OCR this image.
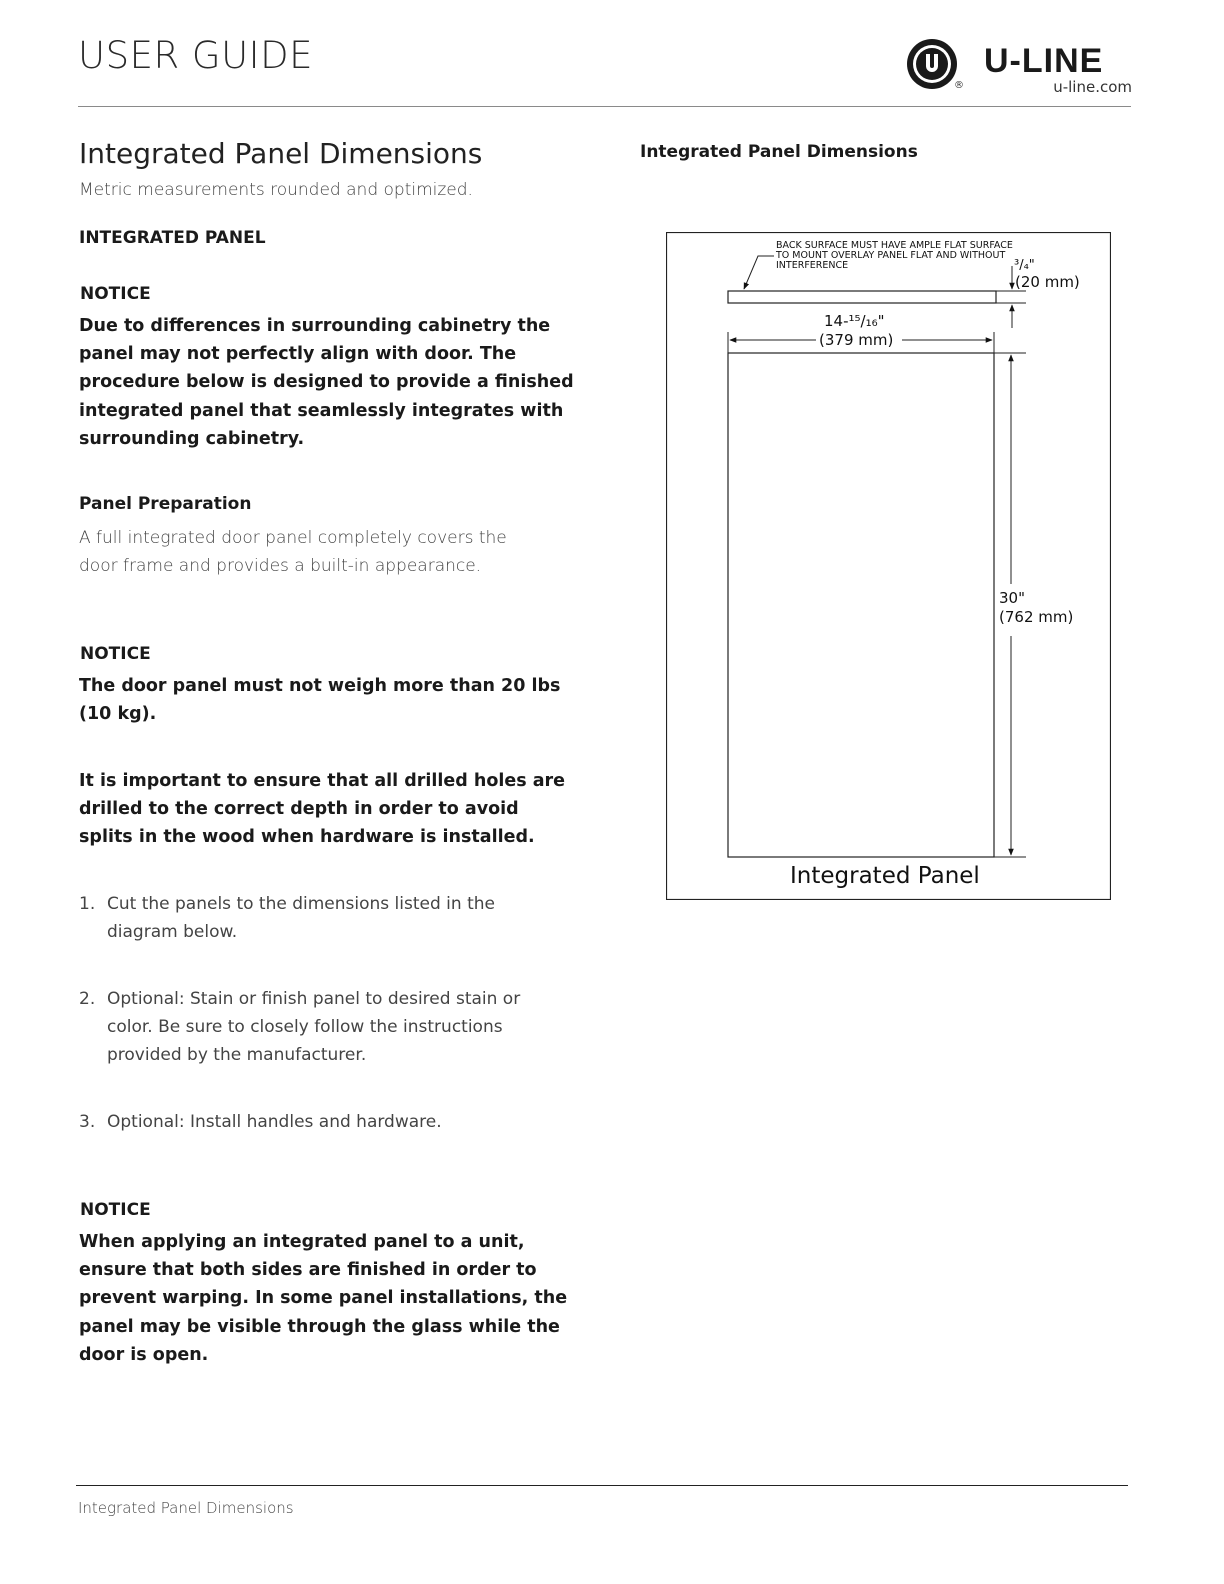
USER GUIDE
®
U-LINE
u-line.com
Integrated Panel Dimensions
Metric measurements rounded and optimized.
INTEGRATED PANEL
NOTICE
Due to differences in surrounding cabinetry the panel may not perfectly align with door. The procedure below is designed to provide a finished integrated panel that seamlessly integrates with surrounding cabinetry.
Panel Preparation
A full integrated door panel completely covers the door frame and provides a built-in appearance.
NOTICE
The door panel must not weigh more than 20 lbs (10 kg).
It is important to ensure that all drilled holes are drilled to the correct depth in order to avoid splits in the wood when hardware is installed.
1. Cut the panels to the dimensions listed in the diagram below.
2. Optional: Stain or finish panel to desired stain or color. Be sure to closely follow the instructions provided by the manufacturer.
3. Optional: Install handles and hardware.
NOTICE
When applying an integrated panel to a unit, ensure that both sides are finished in order to prevent warping. In some panel installations, the panel may be visible through the glass while the door is open.
Integrated Panel Dimensions
BACK SURFACE MUST HAVE AMPLE FLAT SURFACE
TO MOUNT OVERLAY PANEL FLAT AND WITHOUT
INTERFERENCE	³/₄"
(20 mm)
14-¹⁵/₁₆"
(379 mm)
30"
(762 mm)
Integrated Panel
Integrated Panel Dimensions
